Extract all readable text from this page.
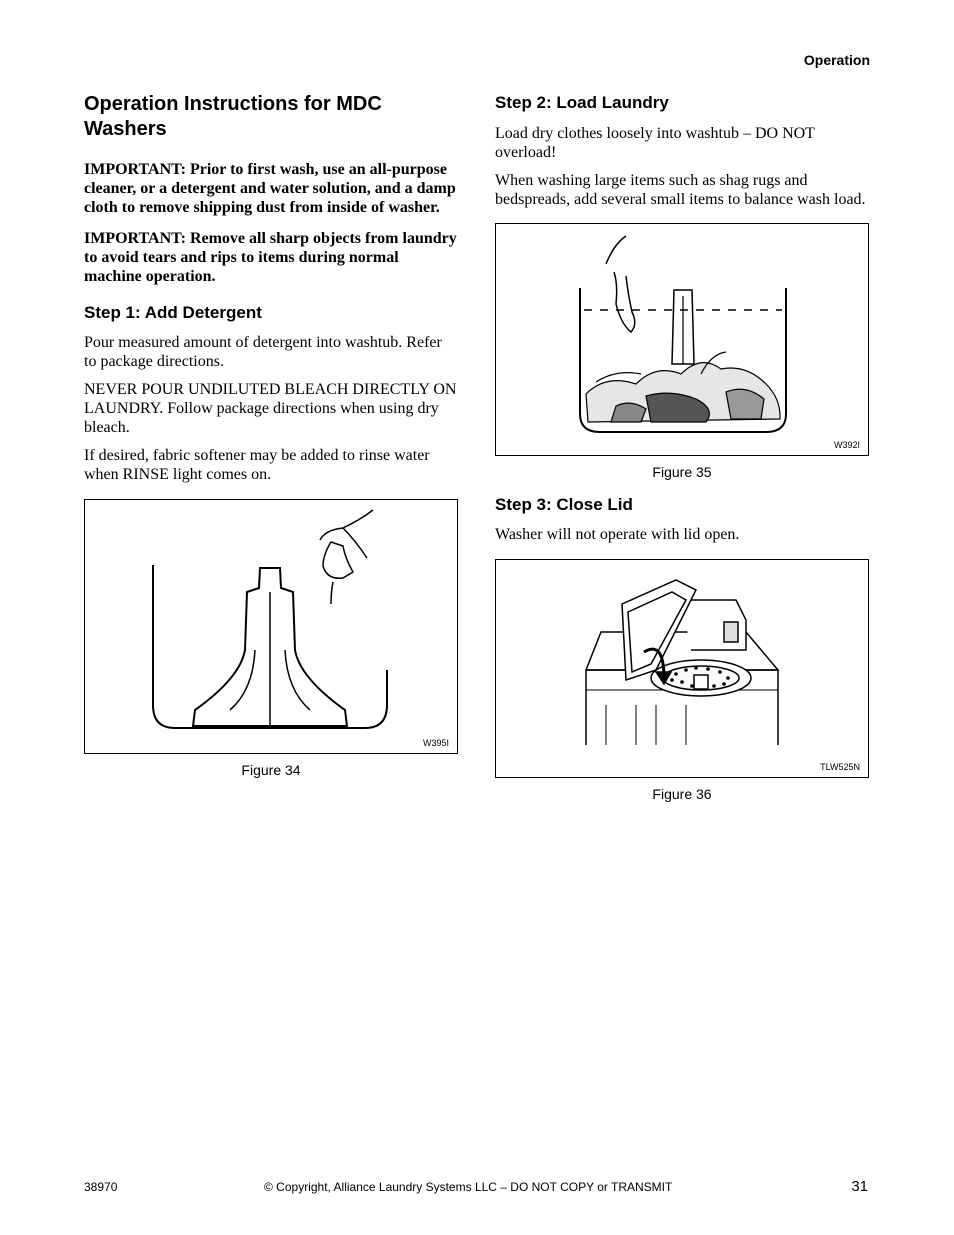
Operation
Operation Instructions for MDC Washers

IMPORTANT: Prior to first wash, use an all-purpose cleaner, or a detergent and water solution, and a damp cloth to remove shipping dust from inside of washer.

IMPORTANT: Remove all sharp objects from laundry to avoid tears and rips to items during normal machine operation.

Step 1: Add Detergent

Pour measured amount of detergent into washtub. Refer to package directions.

NEVER POUR UNDILUTED BLEACH DIRECTLY ON LAUNDRY. Follow package directions when using dry bleach.

If desired, fabric softener may be added to rinse water when RINSE light comes on.

W395I
Figure 34
Step 2: Load Laundry

Load dry clothes loosely into washtub – DO NOT overload!

When washing large items such as shag rugs and bedspreads, add several small items to balance wash load.

W392I
Figure 35
Step 3: Close Lid

Washer will not operate with lid open.

TLW525N
Figure 36
38970	© Copyright, Alliance Laundry Systems LLC – DO NOT COPY or TRANSMIT	31
